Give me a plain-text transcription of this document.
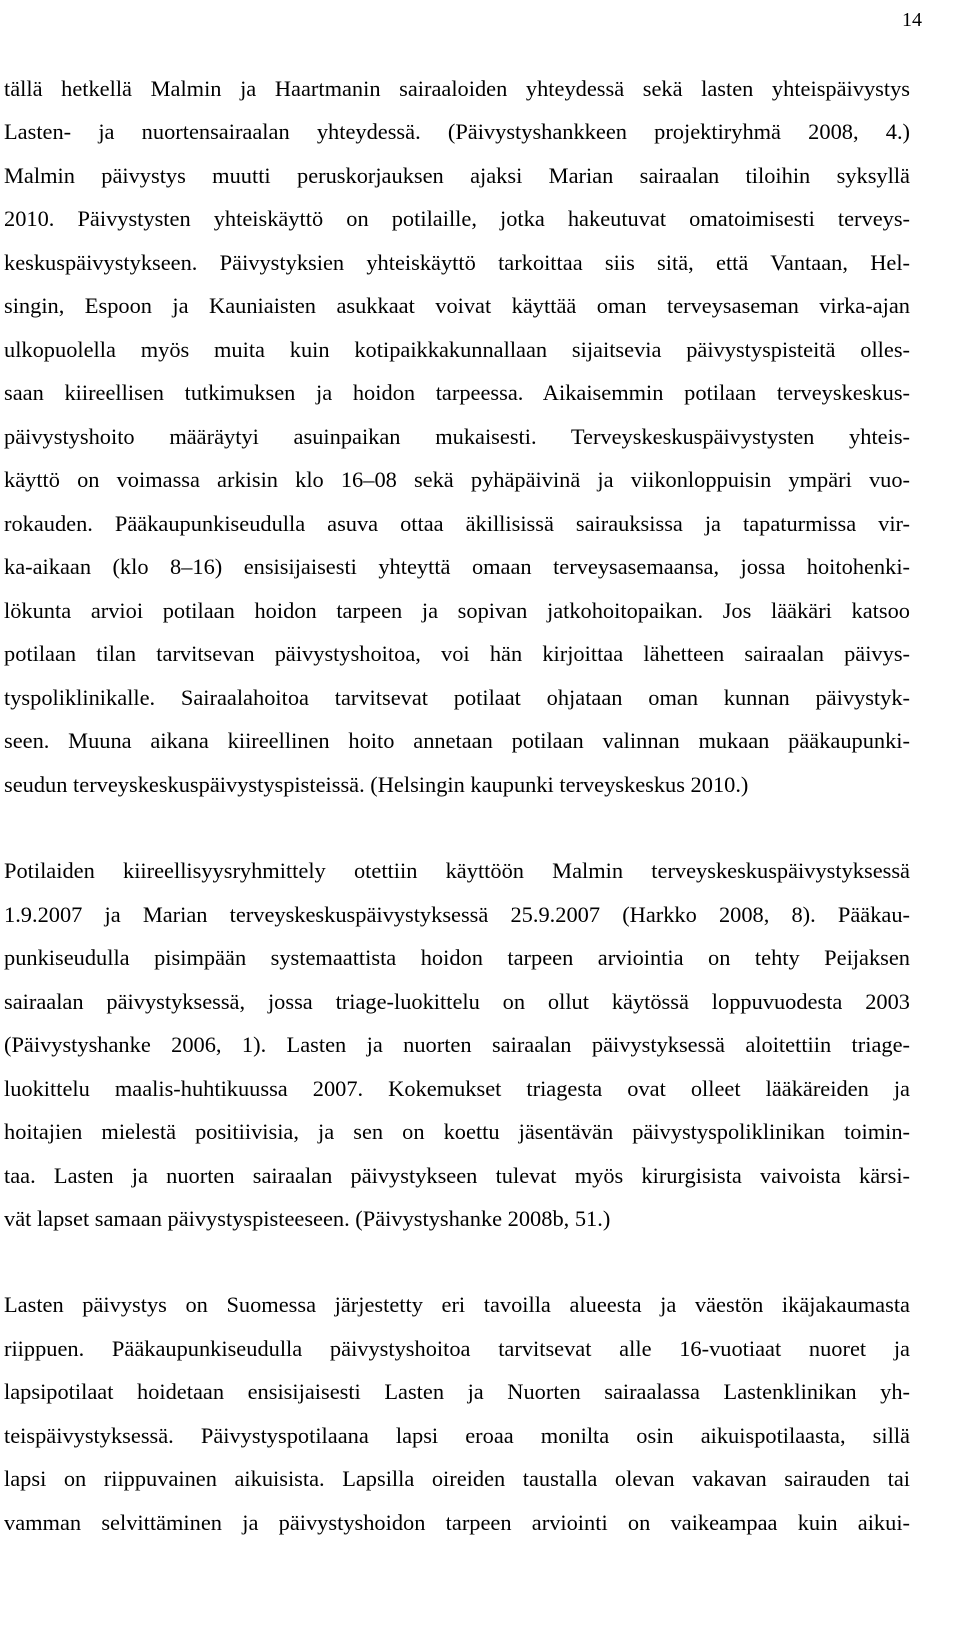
14
tällä hetkellä Malmin ja Haartmanin sairaaloiden yhteydessä sekä lasten yhteispäivystys
Lasten- ja nuortensairaalan yhteydessä. (Päivystyshankkeen projektiryhmä 2008, 4.)
Malmin päivystys muutti peruskorjauksen ajaksi Marian sairaalan tiloihin syksyllä
2010. Päivystysten yhteiskäyttö on potilaille, jotka hakeutuvat omatoimisesti terveys-
keskuspäivystykseen. Päivystyksien yhteiskäyttö tarkoittaa siis sitä, että Vantaan, Hel-
singin, Espoon ja Kauniaisten asukkaat voivat käyttää oman terveysaseman virka-ajan
ulkopuolella myös muita kuin kotipaikkakunnallaan sijaitsevia päivystyspisteitä olles-
saan kiireellisen tutkimuksen ja hoidon tarpeessa. Aikaisemmin potilaan terveyskeskus-
päivystyshoito määräytyi asuinpaikan mukaisesti. Terveyskeskuspäivystysten yhteis-
käyttö on voimassa arkisin klo 16–08 sekä pyhäpäivinä ja viikonloppuisin ympäri vuo-
rokauden. Pääkaupunkiseudulla asuva ottaa äkillisissä sairauksissa ja tapaturmissa vir-
ka-aikaan (klo 8–16) ensisijaisesti yhteyttä omaan terveysasemaansa, jossa hoitohenki-
lökunta arvioi potilaan hoidon tarpeen ja sopivan jatkohoitopaikan. Jos lääkäri katsoo
potilaan tilan tarvitsevan päivystyshoitoa, voi hän kirjoittaa lähetteen sairaalan päivys-
tyspoliklinikalle. Sairaalahoitoa tarvitsevat potilaat ohjataan oman kunnan päivystyk-
seen. Muuna aikana kiireellinen hoito annetaan potilaan valinnan mukaan pääkaupunki-
seudun terveyskeskuspäivystyspisteissä. (Helsingin kaupunki terveyskeskus 2010.)
Potilaiden kiireellisyysryhmittely otettiin käyttöön Malmin terveyskeskuspäivystyksessä
1.9.2007 ja Marian terveyskeskuspäivystyksessä 25.9.2007 (Harkko 2008, 8). Pääkau-
punkiseudulla pisimpään systemaattista hoidon tarpeen arviointia on tehty Peijaksen
sairaalan päivystyksessä, jossa triage-luokittelu on ollut käytössä loppuvuodesta 2003
(Päivystyshanke 2006, 1). Lasten ja nuorten sairaalan päivystyksessä aloitettiin triage-
luokittelu maalis-huhtikuussa 2007. Kokemukset triagesta ovat olleet lääkäreiden ja
hoitajien mielestä positiivisia, ja sen on koettu jäsentävän päivystyspoliklinikan toimin-
taa. Lasten ja nuorten sairaalan päivystykseen tulevat myös kirurgisista vaivoista kärsi-
vät lapset samaan päivystyspisteeseen. (Päivystyshanke 2008b, 51.)
Lasten päivystys on Suomessa järjestetty eri tavoilla alueesta ja väestön ikäjakaumasta
riippuen. Pääkaupunkiseudulla päivystyshoitoa tarvitsevat alle 16-vuotiaat nuoret ja
lapsipotilaat hoidetaan ensisijaisesti Lasten ja Nuorten sairaalassa Lastenklinikan yh-
teispäivystyksessä. Päivystyspotilaana lapsi eroaa monilta osin aikuispotilaasta, sillä
lapsi on riippuvainen aikuisista. Lapsilla oireiden taustalla olevan vakavan sairauden tai
vamman selvittäminen ja päivystyshoidon tarpeen arviointi on vaikeampaa kuin aikui-
